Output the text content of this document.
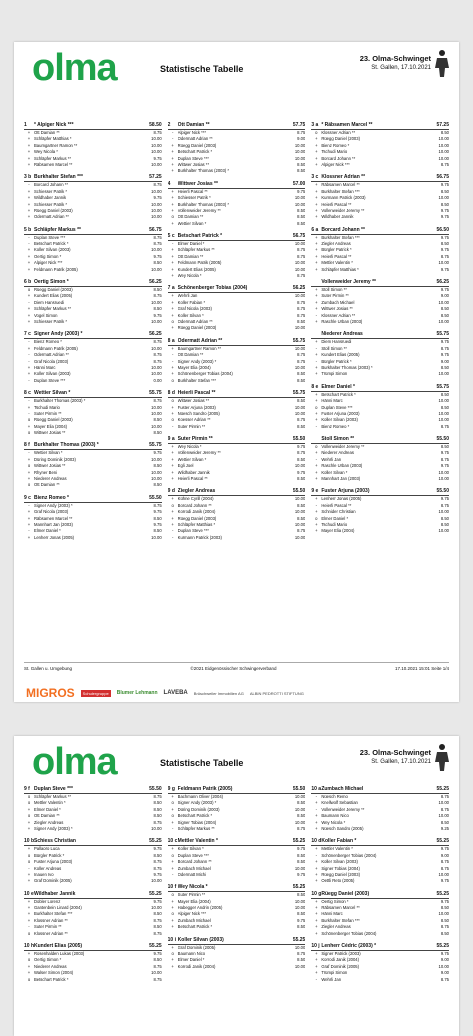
olma	Statistische Tabelle
23. Olma-Schwinget
St. Gallen, 17.10.2021
1	* Alpiger Nick ***	58.50
+ Ott Damian **	8.75
+ Schläpfer Matthias *	10.00
+ Baumgartner Ramon **	10.00
+ Wey Nicola *	10.00
+ Schläpfer Markus **	9.75
+ Räbsamen Marcel **	10.00
3 b Burkhalter Stefan ***	57.25
-	Borcard Johann **	8.75
+ Schiesser Patrik *	10.00
+ Wildhaber Jannik	9.75
+ Schiesser Patrik *	10.00
+ Rüegg Daniel (2003)	10.00
+ Odermatt Adrian **	10.00
5 b Schläpfer Markus **	56.75
-	Duplan Steve ***	8.75
-	Betschart Patrick *	8.75
+ Koller Silvan (2003)	10.00
+ Oertig Simon *	9.75
+ Alpiger Nick ***	8.50
+ Feldmann Patrik (2005)	10.00
6 b Oertig Simon *	56.25
o Rüegg Daniel (2003)	8.50
+ Kundert Elias (2005)	8.75
-	Diem Hansruedi	10.00
+ Schläpfer Markus **	8.50
+ Vogel Simon	9.75
+ Schiesser Patrik *	10.00
7 c Signer Andy (2003) *	56.25
-	Bienz Romeo *	8.75
+ Feldmann Patrik (2005)	10.00
-	Odermatt Adrian **	8.75
-	Graf Nicola (2003)	8.75
+ Hänni Marc	10.00
+ Koller Silvan (2003)	10.00
-	Duplan Steve ***	0.00
8 c Wettier Silvan *	55.75
-	Burkhalter Thomas (2003) *	8.75
+ Tschudi Mario	10.00
-	Suter Pirmin **	10.00
o Rüegg Daniel (2003)	8.50
+ Mayer Elia (2004)	10.00
o Wittwer Josias **	8.50
8 f Burkhalter Thomas (2003) *	55.75
-	Wettier Silvan *	9.75
+ Düring Dominik (2003)	10.00
o Wittwer Josias **	8.50
+ Rhyner Beni	10.00
+ Niederer Andreas	10.00
o Ott Damian **	8.50
9 c Bienz Romeo *	55.50
-	Signer Andy (2003) *	8.75
+ Graf Nicola (2003)	9.75
+ Räbsamen Marcel **	8.50
+ Mannhart Jan (2003)	9.75
-	Elmer Daniel *	8.50
+ Lenherr Jonas (2005)	10.00
2	Ott Damian **	57.75
-	Alpiger Nick ***	8.75
-	Odermatt Adrian **	9.00
+ Rüegg Daniel (2003)	10.00
+ Betschart Patrick *	10.00
+ Duplan Steve ***	10.00
+ Wittwer Josias **	8.50
+ Burkhalter Thomas (2003) *	8.50
4	Wittwer Josias **	57.00
+ Heierli Pascal **	9.75
+ Schiesser Patrik *	10.00
+ Burkhalter Thomas (2003) *	10.00
+ Vollenweider Jeremy **	8.50
o Ott Damian **	8.50
+ Wettier Silvan *	8.50
5 c Betschart Patrick *	56.75
-	Elmer Daniel *	10.00
+ Schläpfer Markus **	8.75
+ Ott Damian **	8.75
+ Feldmann Patrik (2005)	10.00
+ Kundert Elias (2005)	10.00
+ Wey Nicola *	8.75
7 a Schönenberger Tobias (2004)	56.25
+ Wehrli Jan	10.00
+ Koller Fabian *	8.75
+ Graf Nicola (2003)	8.75
+ Koller Silvan *	8.75
o Odermatt Adrian **	8.50
+ Rüegg Daniel (2003)	10.00
8 a Odermatt Adrian **	55.75
+ Baumgartner Ramon **	10.00
-	Ott Damian **	8.75
-	Signer Andy (2003) *	8.75
+ Mayer Elia (2004)	10.00
+ Schönenberger Tobias (2004)	8.50
o Burkhalter Stefan ***	8.50
8 d Heierli Pascal **	55.75
o Wittwer Josias **	8.50
+ Fuster Arjuna (2003)	10.00
+ Nüesch Sandro (2005)	10.00
o Koesser Adrian **	8.75
-	Suter Pirmin **	8.50
9 a Suter Pirmin **	55.50
+ Wey Nicola *	9.75
+ Vollenweider Jeremy **	8.75
+ Wettier Silvan *	8.50
+ Egli Joel	10.00
+ Wildhaber Jannik	9.75
+ Heierli Pascal **	8.50
9 d Ziegler Andreas	55.50
+ Kühne Cyrill (2004)	10.00
o Borcard Johann **	8.50
+ Korrodi Janik (2004)	10.00
+ Rüegg Daniel (2003)	8.50
+ Schläpfer Matthias *	10.00
-	Duplan Steve ***	8.75
-	Kurmann Patrick (2003)	10.00
3 a * Räbsamen Marcel **	57.25
o Klossner Adrian **	8.50
+ Rüegg Daniel (2003)	10.00
+ Bienz Romeo *	10.00
+ Tschudi Mario	10.00
+ Borcard Johann **	10.00
+ Alpiger Nick ***	8.75
3 c Klossner Adrian **	56.75
+ Räbsamen Marcel **	9.75
+ Burkhalter Stefan ***	8.50
+ Kurmann Patrick (2003)	10.00
+ Heierli Pascal **	8.50
+ Vollenweider Jeremy **	9.75
+ Wildhaber Jannik	9.75
6 a Borcard Johann **	56.50
+ Burkhalter Stefan ***	9.75
+ Ziegler Andreas	8.50
+ Bürgler Patrick *	9.75
+ Heierli Pascal **	8.75
+ Mettler Valentin *	10.00
+ Schläpfer Matthias *	9.75
Vollenweider Jeremy **	56.25
+ Stoll Simon **	9.75
+ Suter Pirmin **	9.00
+ Zumbach Michael	10.00
+ Wittwer Josias **	8.50
-	Klossner Adrian **	8.50
+ Raschle Urban (2003)	10.00
Niederer Andreas	55.75
+ Diem Hansruedi	9.75
-	Stoll Simon **	8.75
+ Kundert Elias (2005)	9.75
-	Bürgler Patrick *	9.00
+ Burkhalter Thomas (2003) *	8.50
+ Trümpi Simon	10.00
8 e Elmer Daniel *	55.75
+ Betschart Patrick *	8.50
+ Hänni Marc	10.00
o Duplan Steve ***	8.50
+ Fuster Arjuna (2003)	10.00
+ Koller Silvan (2003)	10.00
-	Bienz Romeo *	8.75
Stoll Simon **	55.50
o Vollenweider Jeremy **	8.50
+ Niederer Andreas	9.75
-	Wehrli Jan	8.75
+ Raschle Urban (2003)	9.75
+ Koller Silvan *	10.00
+ Mannhart Jan (2003)	10.00
9 e Fuster Arjuna (2003)	55.50
+ Lenherr Jonas (2005)	9.75
-	Heierli Pascal **	8.75
+ Schnider Christian	10.00
o Elmer Daniel *	8.50
+ Tschudi Mario	8.50
+ Mayer Elia (2004)	10.00
St. Gallen u. Umgebung	©2021 Eidgenössischer Schwingerverband	17.10.2021 15:01 Seite 1/4
MIGROS	Schulergruppe	Blumer Lehmann LAVEBA Brüschweiler Immobilien AG ALBIN PEDROTTI STIFTUNG
olma	Statistische Tabelle
23. Olma-Schwinget
St. Gallen, 17.10.2021
9 f Duplan Steve ***	55.50
o Schläpfer Markus **	8.75
o Mettler Valentin *	8.50
+ Elmer Daniel *	8.50
o Ott Damian **	8.50
+ Ziegler Andreas	8.75
+ Signer Andy (2003) *	10.00
10 b Schiess Christian	55.25
+ Pallaoro Luca	9.75
o Bürgler Patrick *	8.50
o Fuster Arjuna (2003)	8.75
-	Koller Andreas	8.75
+ Inauen Ivo	9.75
+ Graf Dominik (2005)	10.00
10 e Wildhaber Jannik	55.25
+ Dobler Lorenz	9.75
+ Gantenbein Linard (2004)	10.00
+ Burkhalter Stefan ***	8.50
+ Klossner Adrian **	8.75
-	Suter Pirmin **	8.50
o Klossner Adrian **	8.75
10 h Kundert Elias (2005)	55.25
+ Rosenhalden Lukas (2003)	9.75
o Oertig Simon *	8.50
+ Niederer Andreas	8.75
+ Walser Simon (2004)	10.00
o Betschart Patrick *	8.75
9 g Feldmann Patrik (2005)	55.50
+ Bachmann Oliver (2004)	10.00
o Signer Andy (2003) *	8.50
+ Düring Dominik (2003)	10.00
o Betschart Patrick *	8.50
+ Signer Tobias (2004)	10.00
-	Schläpfer Markus **	8.75
10 c Mettler Valentin *	55.25
+ Koller Silvan *	9.75
o Duplan Steve ***	8.50
+ Borcard Johann **	8.50
+ Zumbach Michael	10.00
-	Odermatt Michi	9.75
10 f Wey Nicola *	55.25
o Suter Pirmin **	8.50
+ Mayer Elia (2004)	10.00
+ Habegger Andrin (2005)	10.00
o Alpiger Nick ***	8.50
+ Zumbach Michael	9.75
+ Betschart Patrick *	8.50
10 i Koller Silvan (2003)	55.25
+ Graf Dominik (2005)	10.00
o Baumann Nico	8.75
+ Elmer Daniel *	8.50
+ Korrodi Janik (2004)	10.00
10 a Zumbach Michael	55.25
-	Nüesch Remo	8.75
+ Knellwolf Sebastian	10.00
-	Vollenweider Jeremy **	8.75
+ Baumann Nico	10.00
+ Wey Nicola *	8.50
+ Nüesch Sandro (2005)	9.25
10 d Koller Fabian *	55.25
+ Mettler Valentin *	9.75
-	Schönenberger Tobias (2004)	9.00
+ Koller Silvan (2003)	8.75
+ Signer Tobias (2004)	8.75
+ Rüegg Daniel (2003)	10.00
+ Oettli Reto (2005)	9.75
10 g Rüegg Daniel (2003)	55.25
+ Oertig Simon *	9.75
+ Räbsamen Marcel **	8.50
+ Hänni Marc	10.00
+ Burkhalter Stefan ***	8.50
+ Ziegler Andreas	8.75
+ Schönenberger Tobias (2004)	8.50
10 j Lenherr Cédric (2003) *	55.25
+ Signer Patrick (2003)	9.75
+ Korrodi Janik (2004)	9.00
+ Graf Dominik (2005)	10.00
+ Trümpi Simon	9.00
-	Wehrli Jan	8.75
